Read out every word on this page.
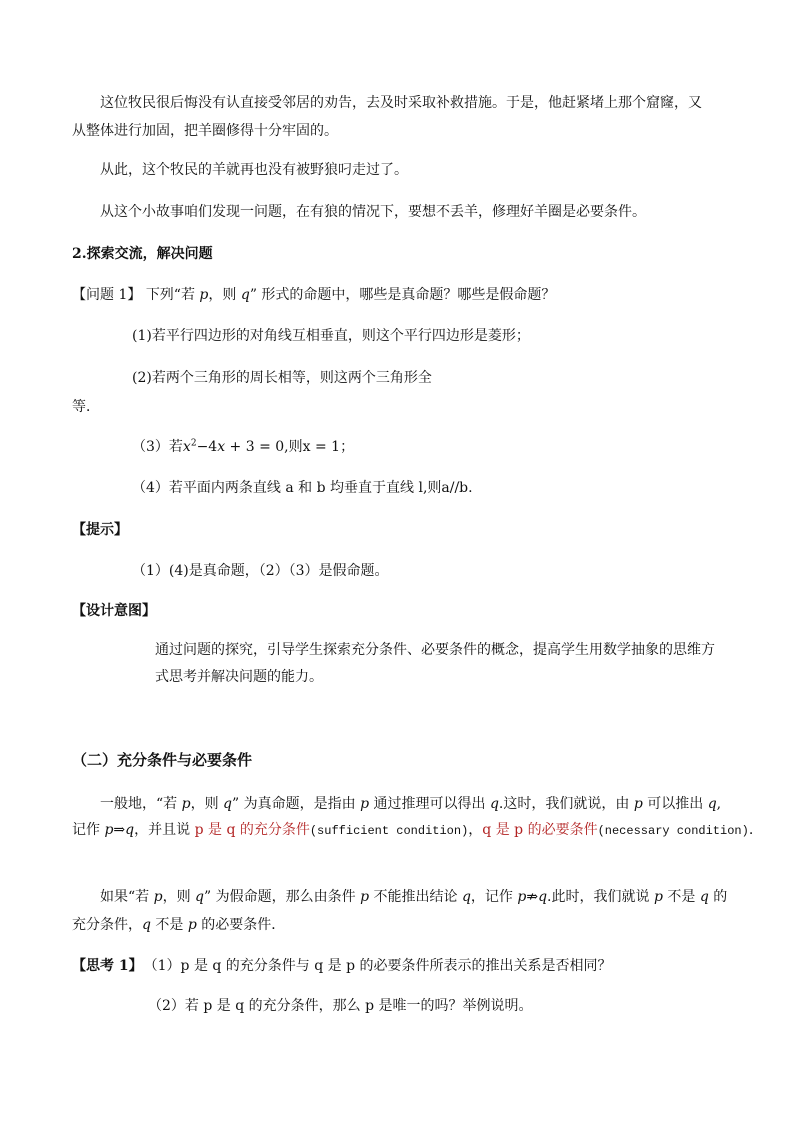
这位牧民很后悔没有认直接受邻居的劝告，去及时采取补救措施。于是，他赶紧堵上那个窟窿，又
从整体进行加固，把羊圈修得十分牢固的。
从此，这个牧民的羊就再也没有被野狼叼走过了。
从这个小故事咱们发现一问题，在有狼的情况下，要想不丢羊，修理好羊圈是必要条件。
2.探索交流，解决问题
【问题 1】 下列“若 p，则 q” 形式的命题中，哪些是真命题？哪些是假命题？
(1)若平行四边形的对角线互相垂直，则这个平行四边形是菱形；
(2)若两个三角形的周长相等，则这两个三角形全
等．
（3）若$x^2-4x + 3 = 0$,则x = 1；
（4）若平面内两条直线 a 和 b 均垂直于直线 l,则a//b.
【提示】
（1）(4)是真命题，（2）（3）是假命题。
【设计意图】
通过问题的探究，引导学生探索充分条件、必要条件的概念，提高学生用数学抽象的思维方
式思考并解决问题的能力。
（二）充分条件与必要条件
一般地，“若 p，则 q” 为真命题，是指由 p 通过推理可以得出 q.这时，我们就说，由 p 可以推出 q,
记作 p⇒q，并且说 p 是 q 的充分条件(sufficient condition)，q 是 p 的必要条件(necessary condition).
如果“若 p，则 q” 为假命题，那么由条件 p 不能推出结论 q，记作 p⇏q.此时，我们就说 p 不是 q 的
充分条件，q 不是 p 的必要条件．
【思考 1】 （1）p 是 q 的充分条件与 q 是 p 的必要条件所表示的推出关系是否相同？
（2）若 p 是 q 的充分条件，那么 p 是唯一的吗？举例说明。
